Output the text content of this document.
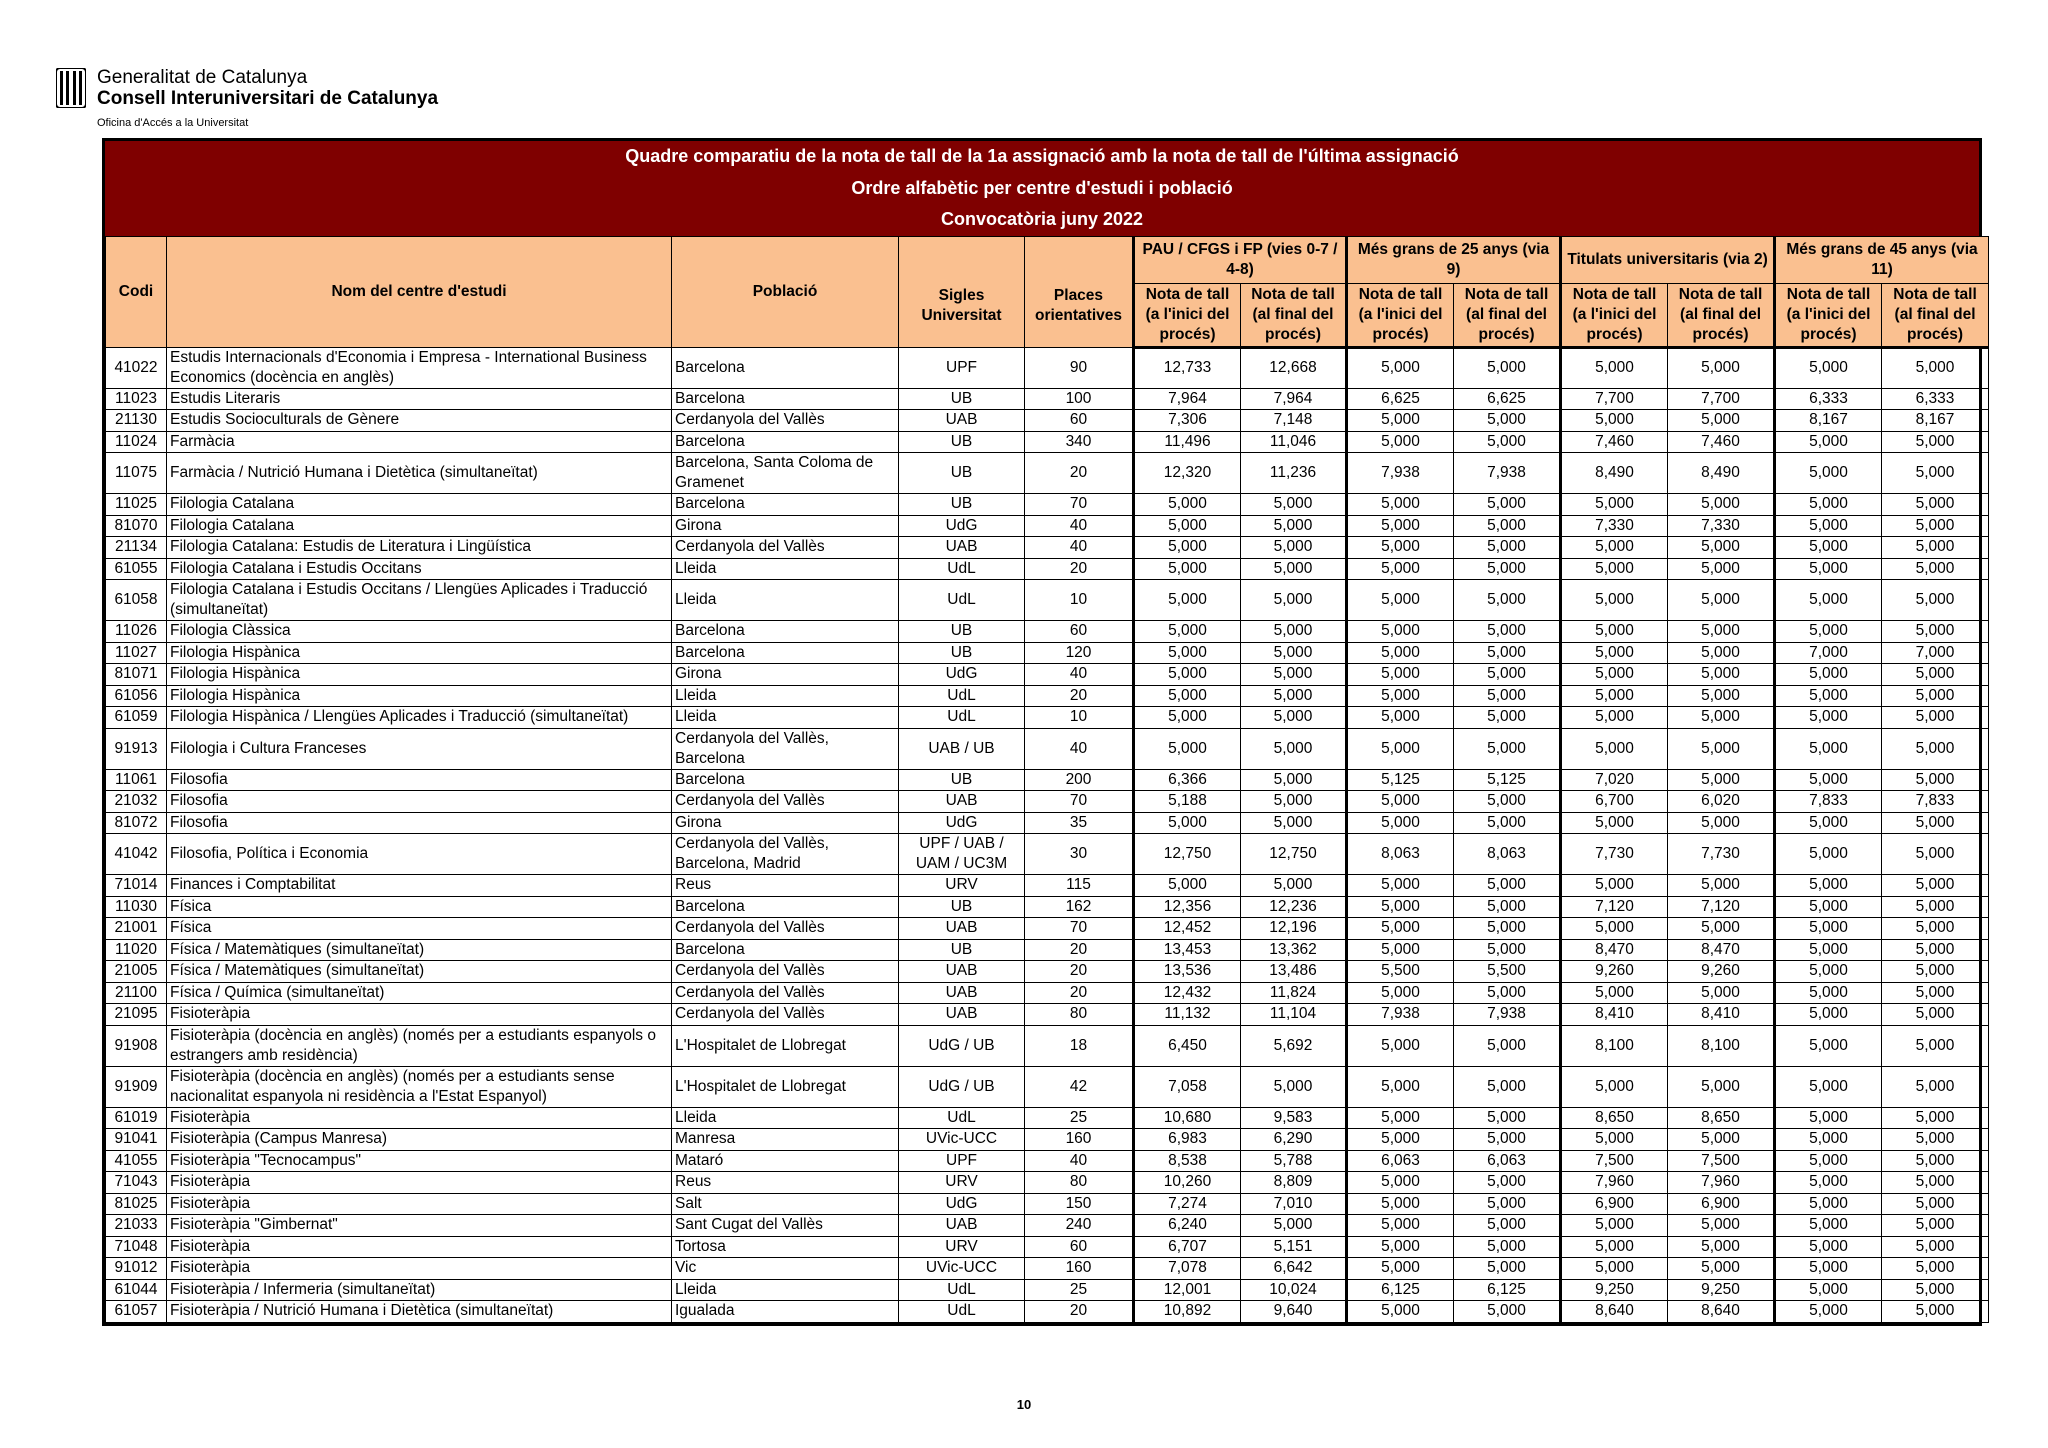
Generalitat de Catalunya
Consell Interuniversitari de Catalunya
Oficina d'Accés a la Universitat
Quadre comparatiu de la nota de tall de la 1a assignació amb la nota de tall de l'última assignació
Ordre alfabètic per centre d'estudi i població
Convocatòria juny 2022
Codi	Nom del centre d'estudi	Població	Sigles Universitat	Places orientatives	PAU / CFGS i FP (vies 0-7 / 4-8)		Més grans de 25 anys (via 9)		Titulats universitaris (via 2)		Més grans de 45 anys (via 11)	
					Nota de tall (a l'inici del procés)	Nota de tall (al final del procés)	Nota de tall (a l'inici del procés)	Nota de tall (al final del procés)	Nota de tall (a l'inici del procés)	Nota de tall (al final del procés)	Nota de tall (a l'inici del procés)	Nota de tall (al final del procés)
41022	Estudis Internacionals d'Economia i Empresa - International Business Economics (docència en anglès)	Barcelona	UPF	90	12,733	12,668	5,000	5,000	5,000	5,000	5,000	5,000
11023	Estudis Literaris	Barcelona	UB	100	7,964	7,964	6,625	6,625	7,700	7,700	6,333	6,333
21130	Estudis Socioculturals de Gènere	Cerdanyola del Vallès	UAB	60	7,306	7,148	5,000	5,000	5,000	5,000	8,167	8,167
11024	Farmàcia	Barcelona	UB	340	11,496	11,046	5,000	5,000	7,460	7,460	5,000	5,000
11075	Farmàcia / Nutrició Humana i Dietètica (simultaneïtat)	Barcelona, Santa Coloma de Gramenet	UB	20	12,320	11,236	7,938	7,938	8,490	8,490	5,000	5,000
11025	Filologia Catalana	Barcelona	UB	70	5,000	5,000	5,000	5,000	5,000	5,000	5,000	5,000
81070	Filologia Catalana	Girona	UdG	40	5,000	5,000	5,000	5,000	7,330	7,330	5,000	5,000
21134	Filologia Catalana: Estudis de Literatura i Lingüística	Cerdanyola del Vallès	UAB	40	5,000	5,000	5,000	5,000	5,000	5,000	5,000	5,000
61055	Filologia Catalana i Estudis Occitans	Lleida	UdL	20	5,000	5,000	5,000	5,000	5,000	5,000	5,000	5,000
61058	Filologia Catalana i Estudis Occitans / Llengües Aplicades i Traducció (simultaneïtat)	Lleida	UdL	10	5,000	5,000	5,000	5,000	5,000	5,000	5,000	5,000
11026	Filologia Clàssica	Barcelona	UB	60	5,000	5,000	5,000	5,000	5,000	5,000	5,000	5,000
11027	Filologia Hispànica	Barcelona	UB	120	5,000	5,000	5,000	5,000	5,000	5,000	7,000	7,000
81071	Filologia Hispànica	Girona	UdG	40	5,000	5,000	5,000	5,000	5,000	5,000	5,000	5,000
61056	Filologia Hispànica	Lleida	UdL	20	5,000	5,000	5,000	5,000	5,000	5,000	5,000	5,000
61059	Filologia Hispànica / Llengües Aplicades i Traducció (simultaneïtat)	Lleida	UdL	10	5,000	5,000	5,000	5,000	5,000	5,000	5,000	5,000
91913	Filologia i Cultura Franceses	Cerdanyola del Vallès, Barcelona	UAB / UB	40	5,000	5,000	5,000	5,000	5,000	5,000	5,000	5,000
11061	Filosofia	Barcelona	UB	200	6,366	5,000	5,125	5,125	7,020	5,000	5,000	5,000
21032	Filosofia	Cerdanyola del Vallès	UAB	70	5,188	5,000	5,000	5,000	6,700	6,020	7,833	7,833
81072	Filosofia	Girona	UdG	35	5,000	5,000	5,000	5,000	5,000	5,000	5,000	5,000
41042	Filosofia, Política i Economia	Cerdanyola del Vallès, Barcelona, Madrid	UPF / UAB / UAM / UC3M	30	12,750	12,750	8,063	8,063	7,730	7,730	5,000	5,000
71014	Finances i Comptabilitat	Reus	URV	115	5,000	5,000	5,000	5,000	5,000	5,000	5,000	5,000
11030	Física	Barcelona	UB	162	12,356	12,236	5,000	5,000	7,120	7,120	5,000	5,000
21001	Física	Cerdanyola del Vallès	UAB	70	12,452	12,196	5,000	5,000	5,000	5,000	5,000	5,000
11020	Física / Matemàtiques (simultaneïtat)	Barcelona	UB	20	13,453	13,362	5,000	5,000	8,470	8,470	5,000	5,000
21005	Física / Matemàtiques (simultaneïtat)	Cerdanyola del Vallès	UAB	20	13,536	13,486	5,500	5,500	9,260	9,260	5,000	5,000
21100	Física / Química (simultaneïtat)	Cerdanyola del Vallès	UAB	20	12,432	11,824	5,000	5,000	5,000	5,000	5,000	5,000
21095	Fisioteràpia	Cerdanyola del Vallès	UAB	80	11,132	11,104	7,938	7,938	8,410	8,410	5,000	5,000
91908	Fisioteràpia (docència en anglès) (només per a estudiants espanyols o estrangers amb residència)	L'Hospitalet de Llobregat	UdG / UB	18	6,450	5,692	5,000	5,000	8,100	8,100	5,000	5,000
91909	Fisioteràpia (docència en anglès) (només per a estudiants sense nacionalitat espanyola ni residència a l'Estat Espanyol)	L'Hospitalet de Llobregat	UdG / UB	42	7,058	5,000	5,000	5,000	5,000	5,000	5,000	5,000
61019	Fisioteràpia	Lleida	UdL	25	10,680	9,583	5,000	5,000	8,650	8,650	5,000	5,000
91041	Fisioteràpia (Campus Manresa)	Manresa	UVic-UCC	160	6,983	6,290	5,000	5,000	5,000	5,000	5,000	5,000
41055	Fisioteràpia "Tecnocampus"	Mataró	UPF	40	8,538	5,788	6,063	6,063	7,500	7,500	5,000	5,000
71043	Fisioteràpia	Reus	URV	80	10,260	8,809	5,000	5,000	7,960	7,960	5,000	5,000
81025	Fisioteràpia	Salt	UdG	150	7,274	7,010	5,000	5,000	6,900	6,900	5,000	5,000
21033	Fisioteràpia "Gimbernat"	Sant Cugat del Vallès	UAB	240	6,240	5,000	5,000	5,000	5,000	5,000	5,000	5,000
71048	Fisioteràpia	Tortosa	URV	60	6,707	5,151	5,000	5,000	5,000	5,000	5,000	5,000
91012	Fisioteràpia	Vic	UVic-UCC	160	7,078	6,642	5,000	5,000	5,000	5,000	5,000	5,000
61044	Fisioteràpia / Infermeria (simultaneïtat)	Lleida	UdL	25	12,001	10,024	6,125	6,125	9,250	9,250	5,000	5,000
61057	Fisioteràpia / Nutrició Humana i Dietètica (simultaneïtat)	Igualada	UdL	20	10,892	9,640	5,000	5,000	8,640	8,640	5,000	5,000
10
